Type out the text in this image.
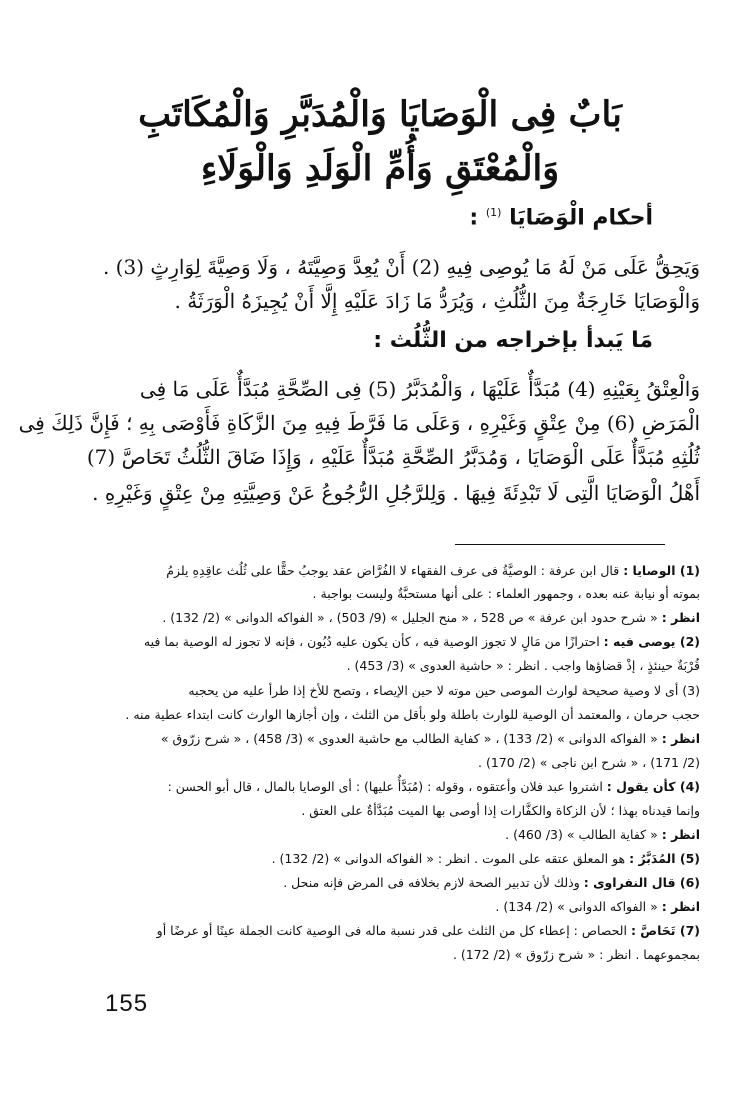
بَابٌ فِى الْوَصَايَا وَالْمُدَبَّرِ وَالْمُكَاتَبِ
وَالْمُعْتَقِ وَأُمِّ الْوَلَدِ وَالْوَلَاءِ
أحكام الْوَصَايَا $^{(1)}$ :
وَيَحِقُّ عَلَى مَنْ لَهُ مَا يُوصِى فِيهِ (2) أَنْ يُعِدَّ وَصِيَّتَهُ ، وَلَا وَصِيَّةَ لِوَارِثٍ (3) .
وَالْوَصَايَا خَارِجَةٌ مِنَ الثُّلُثِ ، وَيُرَدُّ مَا زَادَ عَلَيْهِ إِلَّا أَنْ يُجِيزَهُ الْوَرَثَةُ .
مَا يَبدأ بإخراجه من الثُّلُث :
وَالْعِتْقُ بِعَيْنِهِ (4) مُبَدَّأٌ عَلَيْهَا ، وَالْمُدَبَّرُ (5) فِى الصِّحَّةِ مُبَدَّأٌ عَلَى مَا فِى
الْمَرَضِ (6) مِنْ عِتْقٍ وَغَيْرِهِ ، وَعَلَى مَا فَرَّطَ فِيهِ مِنَ الزَّكَاةِ فَأَوْصَى بِهِ ؛ فَإِنَّ ذَلِكَ فِى
ثُلُثِهِ مُبَدَّأٌ عَلَى الْوَصَايَا ، وَمُدَبَّرُ الصِّحَّةِ مُبَدَّأٌ عَلَيْهِ ، وَإِذَا ضَاقَ الثُّلُثُ تَحَاصَّ (7)
أَهْلُ الْوَصَايَا الَّتِى لَا تَبْدِئَةَ فِيهَا . وَلِلرَّجُلِ الرُّجُوعُ عَنْ وَصِيَّتِهِ مِنْ عِتْقٍ وَغَيْرِهِ .
(1) الوصايا : قال ابن عرفة : الوصيَّةُ فى عرف الفقهاء لا الفُرَّاض عقد يوجبُ حقًّا على ثُلُث عاقِدِهِ يلزمُ
بموته أو نيابة عنه بعده ، وجمهور العلماء : على أنها مستحبَّةٌ وليست بواجبة .
انظر : « شرح حدود ابن عرفة » ص 528 ، « منح الجليل » (9/ 503) ، « الفواكه الدوانى » (2/ 132) .
(2) يوصى فيه : احترازًا من مَالٍ لا تجوز الوصية فيه ، كأن يكون عليه دُيُون ، فإنه لا تجوز له الوصية بما فيه
قُرْبَةٌ حينئذٍ ، إذْ قضاؤها واجب . انظر : « حاشية العدوى » (3/ 453) .
(3) أى لا وصية صحيحة لوارث الموصى حين موته لا حين الإيصاء ، وتصح للأخ إذا طرأ عليه من يحجبه
حجب حرمان ، والمعتمد أن الوصية للوارث باطلة ولو بأقل من الثلث ، وإن أجازها الوارث كانت ابتداء عطية منه .
انظر : « الفواكه الدوانى » (2/ 133) ، « كفاية الطالب مع حاشية العدوى » (3/ 458) ، « شرح زرّوق »
(2/ 171) ، « شرح ابن ناجى » (2/ 170) .
(4) كأن يقول : اشتروا عبد فلان وأعتقوه ، وقوله : (مُبَدَّأٌ عليها) : أى الوصايا بالمال ، قال أبو الحسن :
وإنما قيدناه بهذا ؛ لأن الزكاة والكفَّارات إذا أوصى بها الميت مُبَدَّأةٌ على العتق .
انظر : « كفاية الطالب » (3/ 460) .
(5) المُدَبَّرُ : هو المعلق عتقه على الموت . انظر : « الفواكه الدوانى » (2/ 132) .
(6) قال النفراوى : وذلك لأن تدبير الصحة لازم بخلافه فى المرض فإنه منحل .
انظر : « الفواكه الدوانى » (2/ 134) .
(7) تَحَاصَّ : الحصاص : إعطاء كل من الثلث على قدر نسبة ماله فى الوصية كانت الجملة عينًا أو عرضًا أو
بمجموعهما . انظر : « شرح زرّوق » (2/ 172) .
155
